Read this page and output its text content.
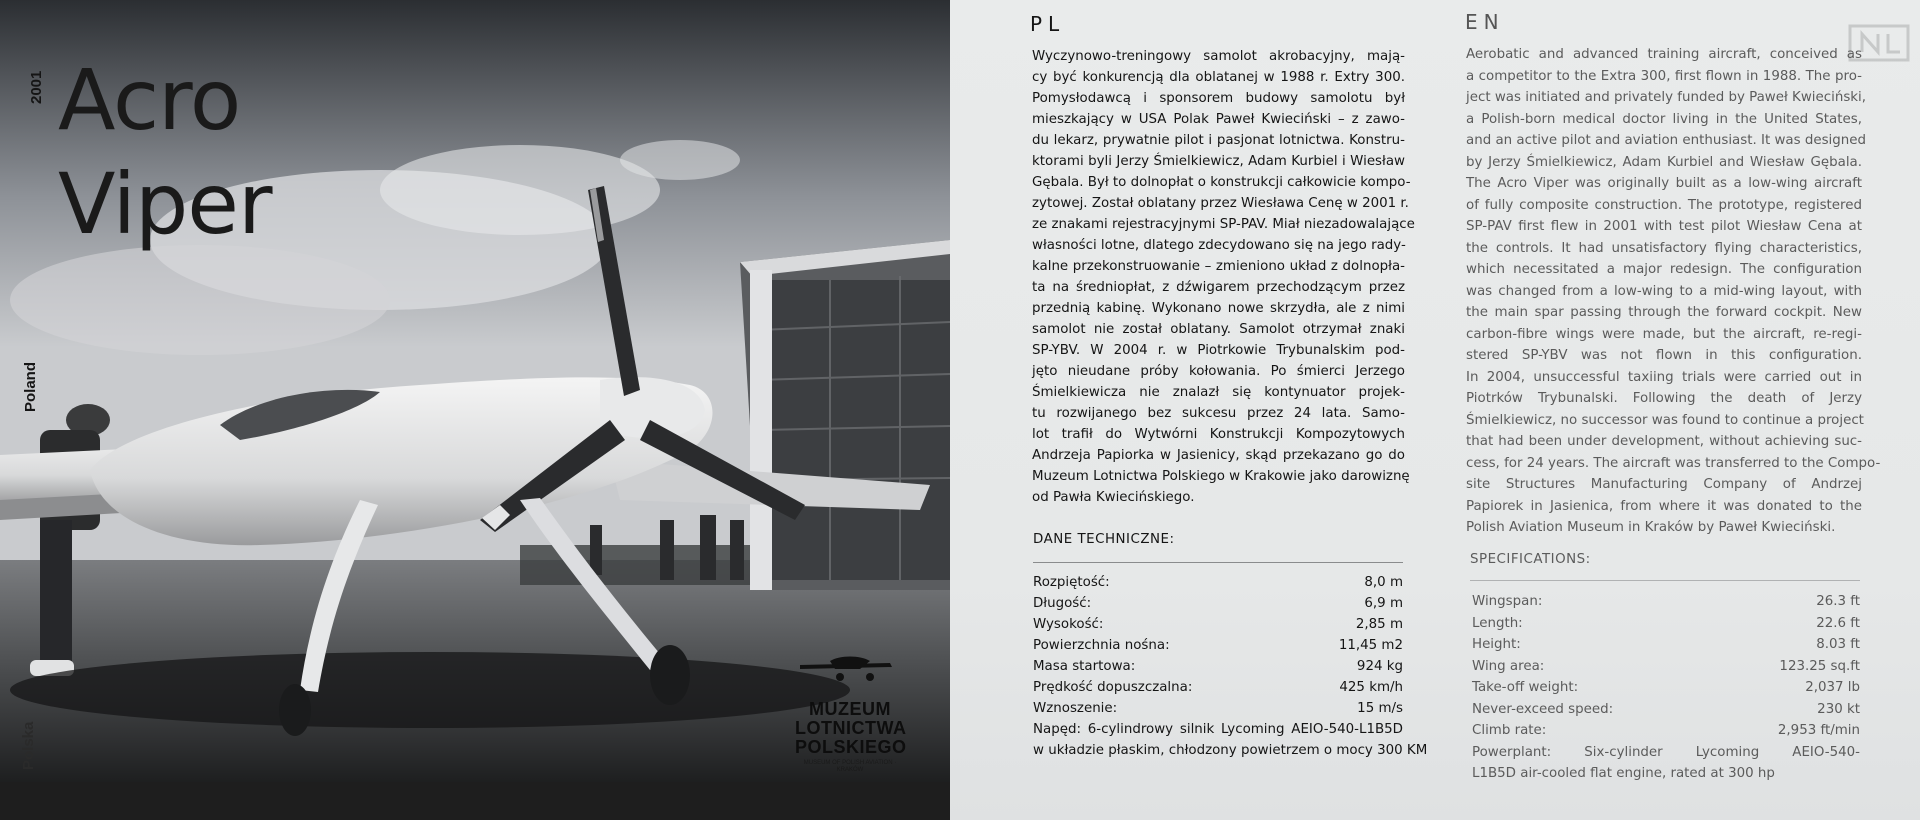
2001 Acro
Viper
Poland
Polska
MUZEUM
LOTNICTWA
POLSKIEGO
MUSEUM OF POLISH AVIATION · KRAKÓW
PL	EN
Wyczynowo-treningowy samolot akrobacyjny, mają-
cy być konkurencją dla oblatanej w 1988 r. Extry 300.
Pomysłodawcą i sponsorem budowy samolotu był
mieszkający w USA Polak Paweł Kwieciński – z zawo-
du lekarz, prywatnie pilot i pasjonat lotnictwa. Konstru-
ktorami byli Jerzy Śmielkiewicz, Adam Kurbiel i Wiesław
Gębala. Był to dolnopłat o konstrukcji całkowicie kompo-
zytowej. Został oblatany przez Wiesława Cenę w 2001 r.
ze znakami rejestracyjnymi SP-PAV. Miał niezadowalające
własności lotne, dlatego zdecydowano się na jego rady-
kalne przekonstruowanie – zmieniono układ z dolnopła-
ta na średniopłat, z dźwigarem przechodzącym przez
przednią kabinę. Wykonano nowe skrzydła, ale z nimi
samolot nie został oblatany. Samolot otrzymał znaki
SP-YBV. W 2004 r. w Piotrkowie Trybunalskim pod-
jęto nieudane próby kołowania. Po śmierci Jerzego
Śmielkiewicza nie znalazł się kontynuator projek-
tu rozwijanego bez sukcesu przez 24 lata. Samo-
lot trafił do Wytwórni Konstrukcji Kompozytowych
Andrzeja Papiorka w Jasienicy, skąd przekazano go do
Muzeum Lotnictwa Polskiego w Krakowie jako darowiznę
od Pawła Kwiecińskiego.
Aerobatic and advanced training aircraft, conceived as
a competitor to the Extra 300, first flown in 1988. The pro-
ject was initiated and privately funded by Paweł Kwieciński,
a Polish-born medical doctor living in the United States,
and an active pilot and aviation enthusiast. It was designed
by Jerzy Śmielkiewicz, Adam Kurbiel and Wiesław Gębala.
The Acro Viper was originally built as a low-wing aircraft
of fully composite construction. The prototype, registered
SP-PAV first flew in 2001 with test pilot Wiesław Cena at
the controls. It had unsatisfactory flying characteristics,
which necessitated a major redesign. The configuration
was changed from a low-wing to a mid-wing layout, with
the main spar passing through the forward cockpit. New
carbon-fibre wings were made, but the aircraft, re-regi-
stered SP-YBV was not flown in this configuration.
In 2004, unsuccessful taxiing trials were carried out in
Piotrków Trybunalski. Following the death of Jerzy
Śmielkiewicz, no successor was found to continue a project
that had been under development, without achieving suc-
cess, for 24 years. The aircraft was transferred to the Compo-
site Structures Manufacturing Company of Andrzej
Papiorek in Jasienica, from where it was donated to the
Polish Aviation Museum in Kraków by Paweł Kwieciński.
DANE TECHNICZNE:
Rozpiętość:	8,0 m
Długość:	6,9 m
Wysokość:	2,85 m
Powierzchnia nośna:	11,45 m2
Masa startowa:	924 kg
Prędkość dopuszczalna:	425 km/h
Wznoszenie:	15 m/s
Napęd: 6-cylindrowy silnik Lycoming AEIO-540-L1B5D
w układzie płaskim, chłodzony powietrzem o mocy 300 KM
SPECIFICATIONS:
Wingspan:	26.3 ft
Length:	22.6 ft
Height:	8.03 ft
Wing area:	123.25 sq.ft
Take-off weight:	2,037 lb
Never-exceed speed:	230 kt
Climb rate:	2,953 ft/min
Powerplant: Six-cylinder Lycoming AEIO-540-
L1B5D air-cooled flat engine, rated at 300 hp
